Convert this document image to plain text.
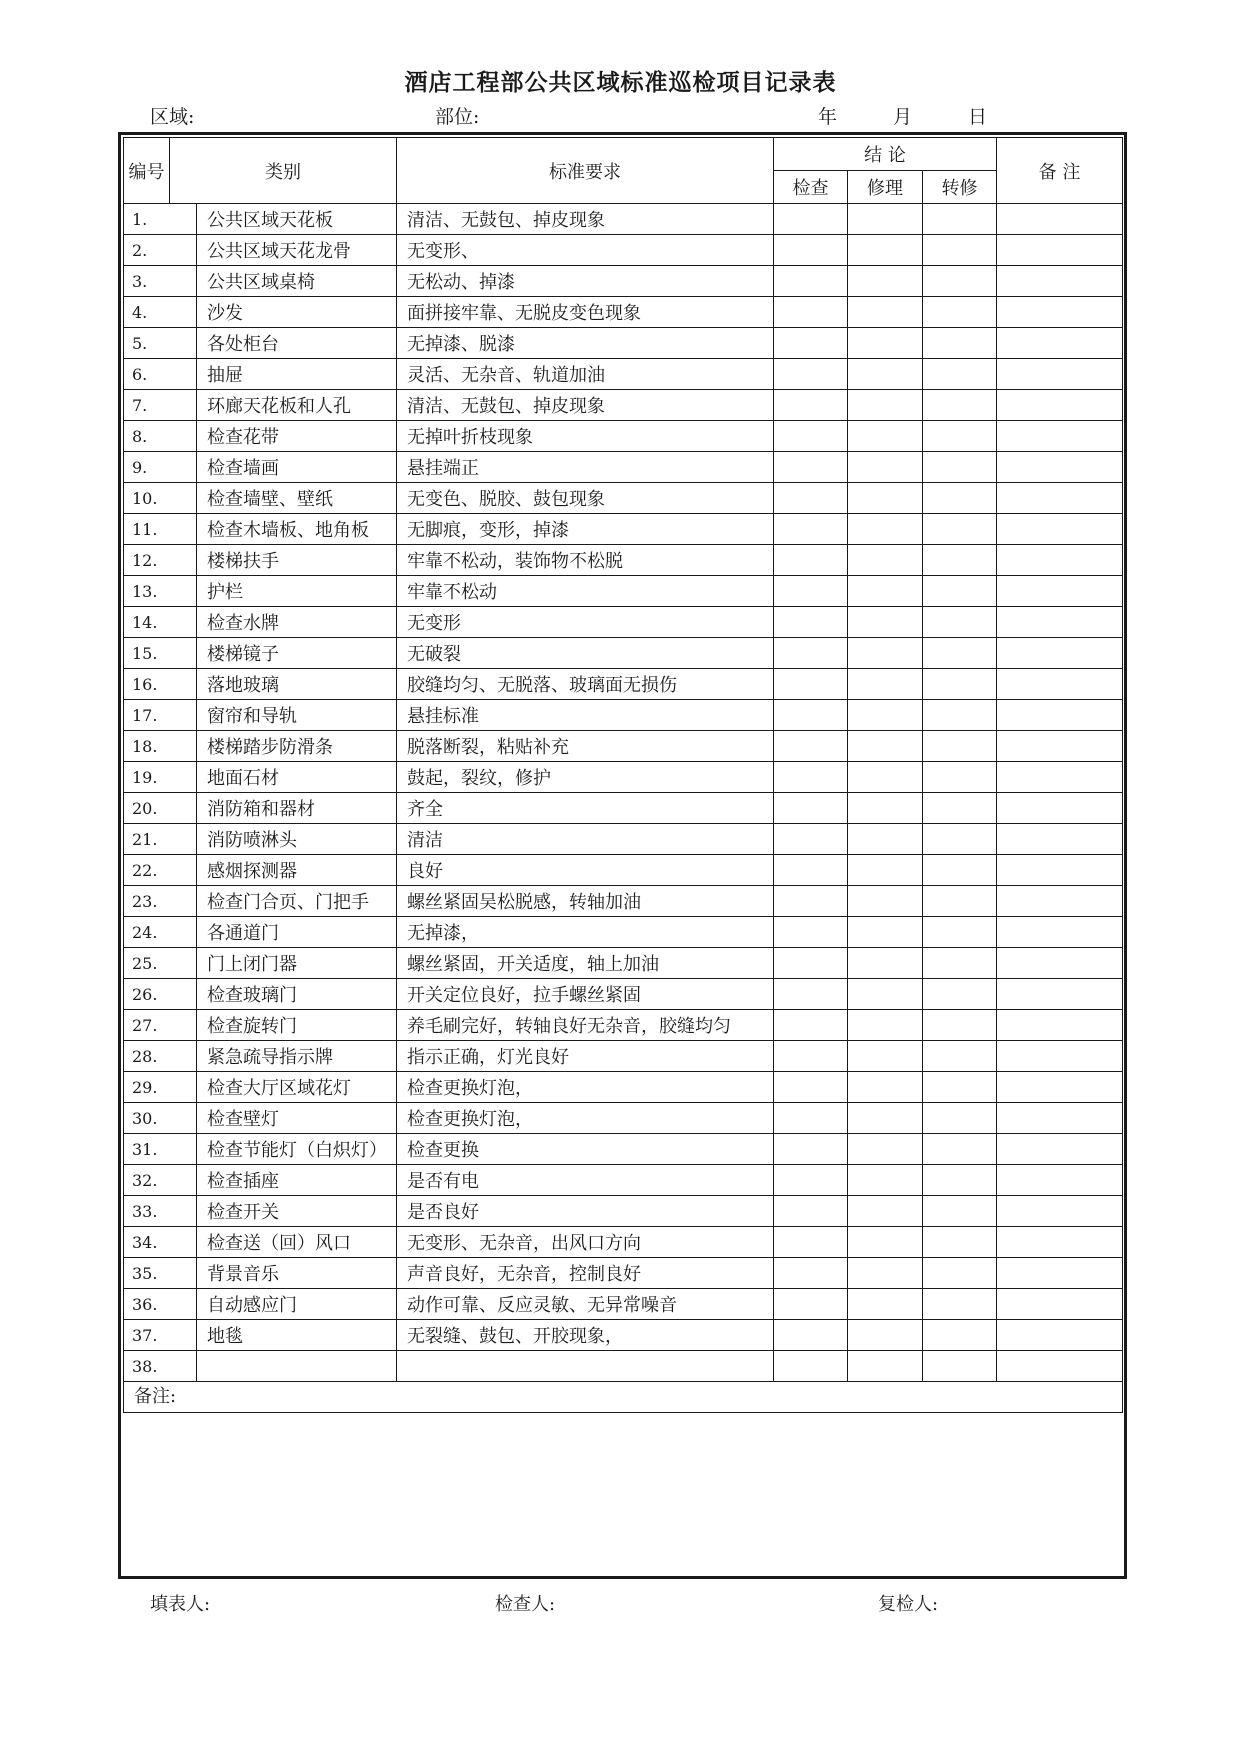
酒店工程部公共区域标准巡检项目记录表
区域:	部位:	年	月	日
编号	类别		标准要求	结 论			备 注
				检查	修理	转修	
1.		公共区域天花板	清洁、无鼓包、掉皮现象				
2.		公共区域天花龙骨	无变形、				
3.		公共区域桌椅	无松动、掉漆				
4.		沙发	面拼接牢靠、无脱皮变色现象				
5.		各处柜台	无掉漆、脱漆				
6.		抽屉	灵活、无杂音、轨道加油				
7.		环廊天花板和人孔	清洁、无鼓包、掉皮现象				
8.		检查花带	无掉叶折枝现象				
9.		检查墙画	悬挂端正				
10.		检查墙壁、壁纸	无变色、脱胶、鼓包现象				
11.		检查木墙板、地角板	无脚痕，变形，掉漆				
12.		楼梯扶手	牢靠不松动，装饰物不松脱				
13.		护栏	牢靠不松动				
14.		检查水牌	无变形				
15.		楼梯镜子	无破裂				
16.		落地玻璃	胶缝均匀、无脱落、玻璃面无损伤				
17.		窗帘和导轨	悬挂标准				
18.		楼梯踏步防滑条	脱落断裂，粘贴补充				
19.		地面石材	鼓起，裂纹，修护				
20.		消防箱和器材	齐全				
21.		消防喷淋头	清洁				
22.		感烟探测器	良好				
23.		检查门合页、门把手	螺丝紧固吴松脱感，转轴加油				
24.		各通道门	无掉漆，				
25.		门上闭门器	螺丝紧固，开关适度，轴上加油				
26.		检查玻璃门	开关定位良好，拉手螺丝紧固				
27.		检查旋转门	养毛刷完好，转轴良好无杂音，胶缝均匀				
28.		紧急疏导指示牌	指示正确，灯光良好				
29.		检查大厅区域花灯	检查更换灯泡，				
30.		检查壁灯	检查更换灯泡，				
31.		检查节能灯（白炽灯）	检查更换				
32.		检查插座	是否有电				
33.		检查开关	是否良好				
34.		检查送（回）风口	无变形、无杂音，出风口方向				
35.		背景音乐	声音良好，无杂音，控制良好				
36.		自动感应门	动作可靠、反应灵敏、无异常噪音				
37.		地毯	无裂缝、鼓包、开胶现象，				
38.							
备注:							
填表人:	检查人:	复检人:
